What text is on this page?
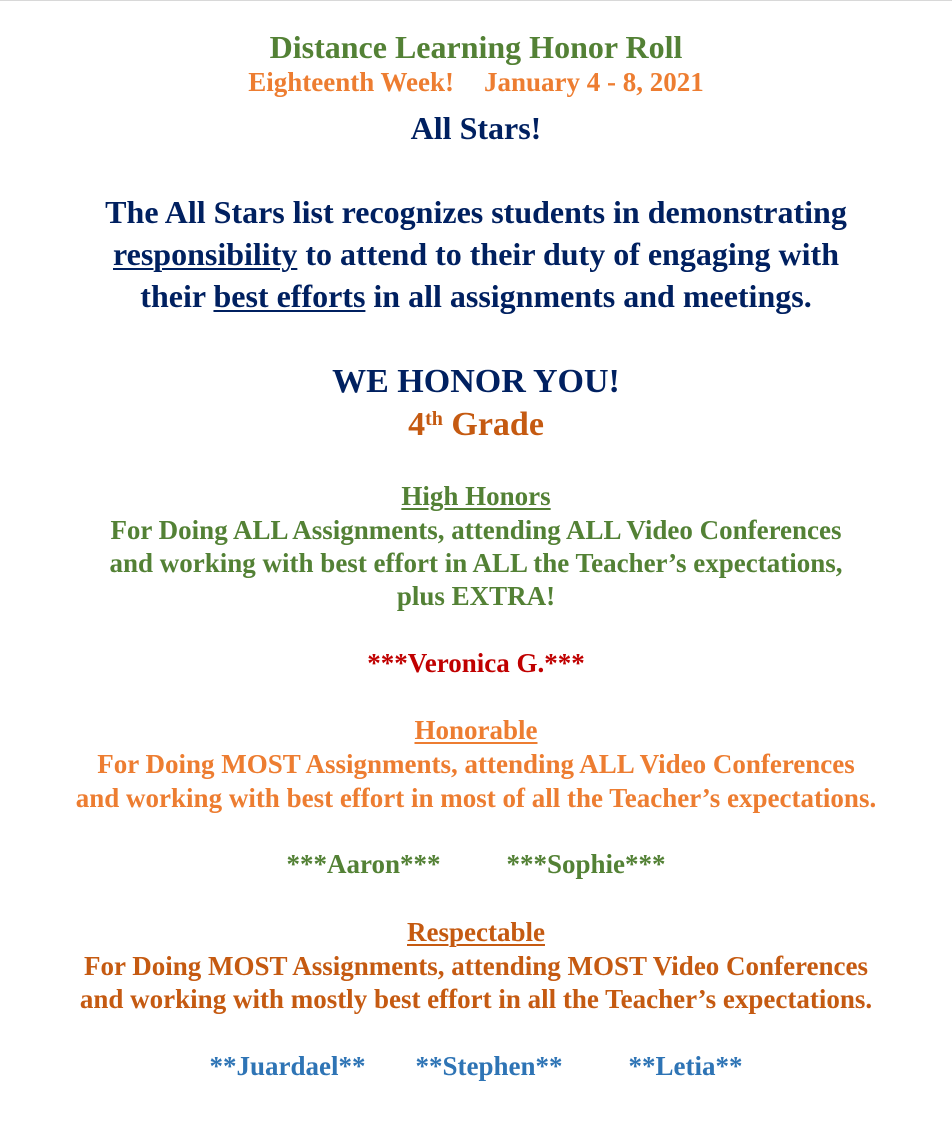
Distance Learning Honor Roll
Eighteenth Week! January 4 - 8, 2021
All Stars!
The All Stars list recognizes students in demonstrating
responsibility to attend to their duty of engaging with
their best efforts in all assignments and meetings.
WE HONOR YOU!
4th Grade
High Honors
For Doing ALL Assignments, attending ALL Video Conferences
and working with best effort in ALL the Teacher’s expectations,
plus EXTRA!
***Veronica G.***
Honorable
For Doing MOST Assignments, attending ALL Video Conferences
and working with best effort in most of all the Teacher’s expectations.
***Aaron*** ***Sophie***
Respectable
For Doing MOST Assignments, attending MOST Video Conferences
and working with mostly best effort in all the Teacher’s expectations.
**Juardael** **Stephen** **Letia**
